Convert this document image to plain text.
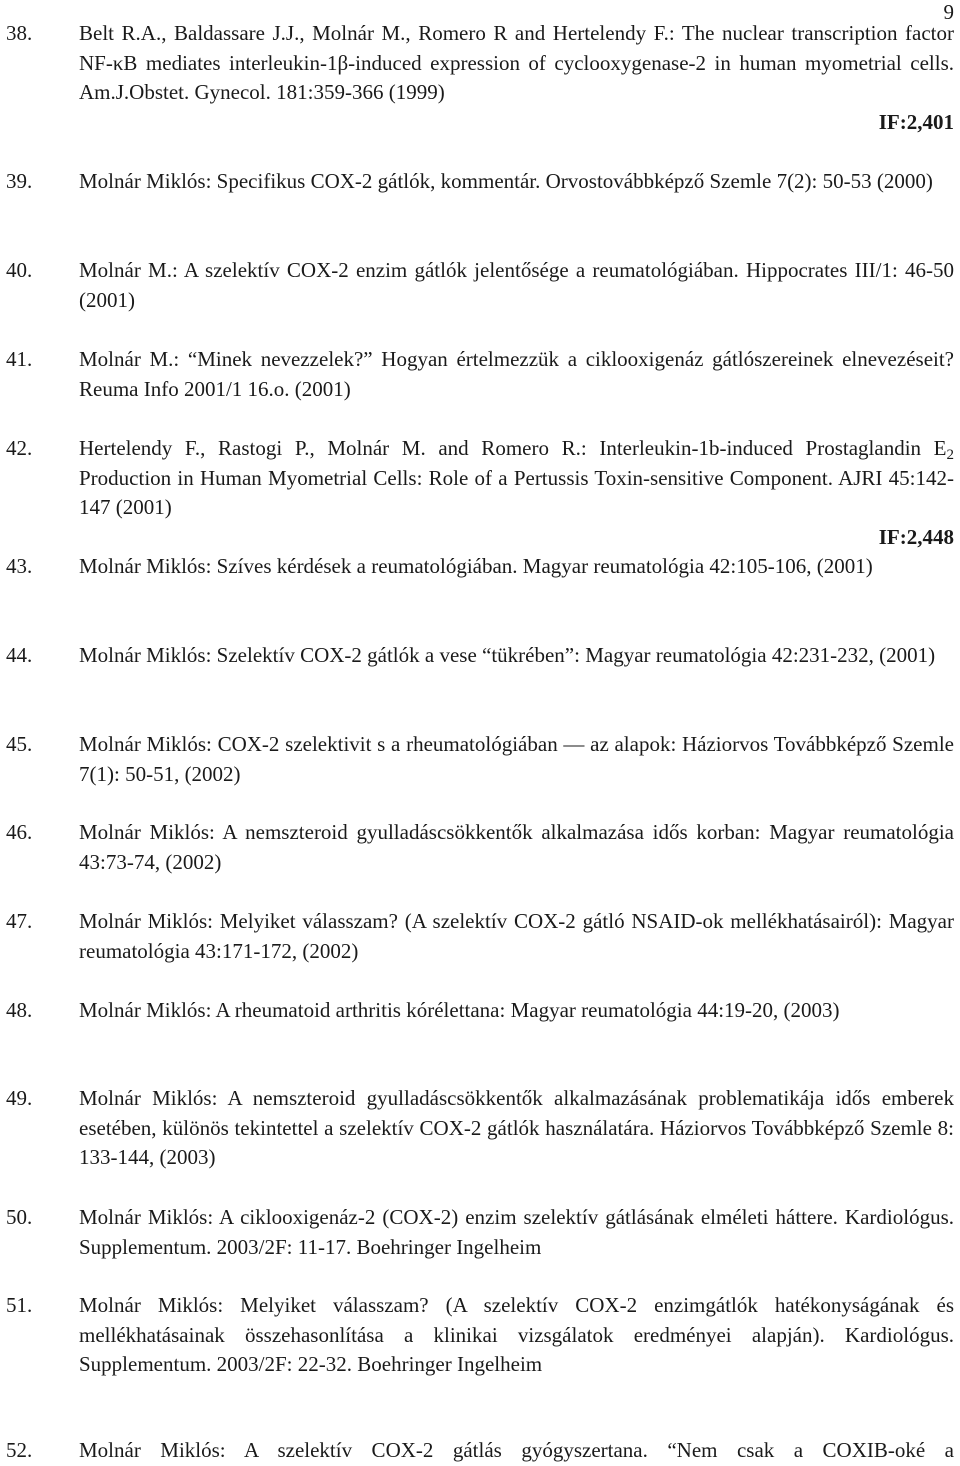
9
38.	Belt R.A., Baldassare J.J., Molnár M., Romero R and Hertelendy F.: The nuclear transcription factor NF-κB mediates interleukin-1β-induced expression of cyclooxygenase-2 in human myometrial cells. Am.J.Obstet. Gynecol. 181:359-366 (1999)
IF:2,401
39.	Molnár Miklós: Specifikus COX-2 gátlók, kommentár. Orvostovábbképző Szemle 7(2): 50-53 (2000)
40.	Molnár M.: A szelektív COX-2 enzim gátlók jelentősége a reumatológiában. Hippocrates III/1: 46-50 (2001)
41.	Molnár M.: “Minek nevezzelek?” Hogyan értelmezzük a ciklooxigenáz gátlószereinek elnevezéseit? Reuma Info 2001/1 16.o. (2001)
42.	Hertelendy F., Rastogi P., Molnár M. and Romero R.: Interleukin-1b-induced Prostaglandin $E_2$ Production in Human Myometrial Cells: Role of a Pertussis Toxin-sensitive Component. AJRI 45:142-147 (2001)
IF:2,448
43.	Molnár Miklós: Szíves kérdések a reumatológiában. Magyar reumatológia 42:105-106, (2001)
44.	Molnár Miklós: Szelektív COX-2 gátlók a vese “tükrében”: Magyar reumatológia 42:231-232, (2001)
45.	Molnár Miklós: COX-2 szelektivit s a rheumatológiában — az alapok: Háziorvos Továbbképző Szemle 7(1): 50-51, (2002)
46.	Molnár Miklós: A nemszteroid gyulladáscsökkentők alkalmazása idős korban: Magyar reumatológia 43:73-74, (2002)
47.	Molnár Miklós: Melyiket válasszam? (A szelektív COX-2 gátló NSAID-ok mellékhatásairól): Magyar reumatológia 43:171-172, (2002)
48.	Molnár Miklós: A rheumatoid arthritis kórélettana: Magyar reumatológia 44:19-20, (2003)
49.	Molnár Miklós: A nemszteroid gyulladáscsökkentők alkalmazásának problematikája idős emberek esetében, különös tekintettel a szelektív COX-2 gátlók használatára. Háziorvos Továbbképző Szemle 8: 133-144, (2003)
50.	Molnár Miklós: A ciklooxigenáz-2 (COX-2) enzim szelektív gátlásának elméleti háttere. Kardiológus. Supplementum. 2003/2F: 11-17. Boehringer Ingelheim
51.	Molnár Miklós: Melyiket válasszam? (A szelektív COX-2 enzimgátlók hatékonyságának és mellékhatásainak összehasonlítása a klinikai vizsgálatok eredményei alapján). Kardiológus. Supplementum. 2003/2F: 22-32. Boehringer Ingelheim
52.	Molnár Miklós: A szelektív COX-2 gátlás gyógyszertana. “Nem csak a COXIB-oké a
